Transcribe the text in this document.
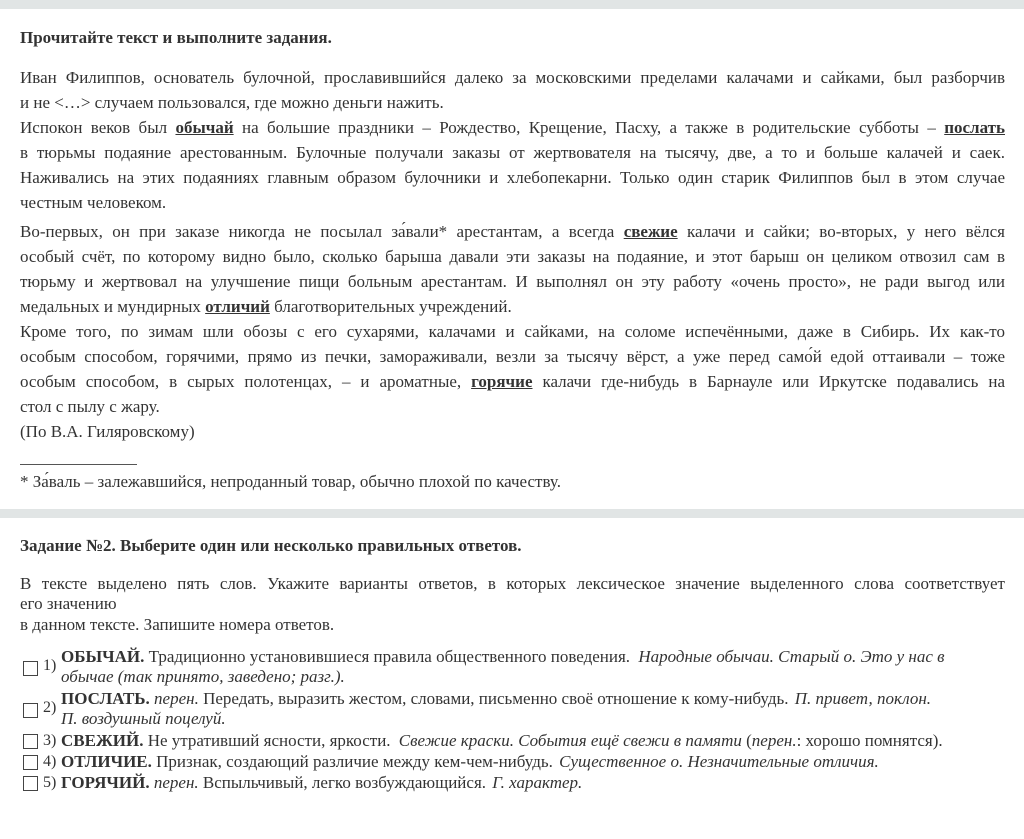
Прочитайте текст и выполните задания.
Иван Филиппов, основатель булочной, прославившийся далеко за московскими пределами калачами и сайками, был разборчив
и не <…> случаем пользовался, где можно деньги нажить.
Испокон веков был обычай на большие праздники – Рождество, Крещение, Пасху, а также в родительские субботы – послать
в тюрьмы подаяние арестованным. Булочные получали заказы от жертвователя на тысячу, две, а то и больше калачей и саек.
Наживались на этих подаяниях главным образом булочники и хлебопекарни. Только один старик Филиппов был в этом случае
честным человеком.
Во-первых, он при заказе никогда не посылал за́вали* арестантам, а всегда свежие калачи и сайки; во-вторых, у него вёлся
особый счёт, по которому видно было, сколько барыша давали эти заказы на подаяние, и этот барыш он целиком отвозил сам в
тюрьму и жертвовал на улучшение пищи больным арестантам. И выполнял он эту работу «очень просто», не ради выгод или
медальных и мундирных отличий благотворительных учреждений.
Кроме того, по зимам шли обозы с его сухарями, калачами и сайками, на соломе испечёнными, даже в Сибирь. Их как-то
особым способом, горячими, прямо из печки, замораживали, везли за тысячу вёрст, а уже перед само́й едой оттаивали – тоже
особым способом, в сырых полотенцах, – и ароматные, горячие калачи где-нибудь в Барнауле или Иркутске подавались на
стол с пылу с жару.
(По В.А. Гиляровскому)
* За́валь – залежавшийся, непроданный товар, обычно плохой по качеству.
Задание №2. Выберите один или несколько правильных ответов.
В тексте выделено пять слов. Укажите варианты ответов, в которых лексическое значение выделенного слова соответствует
его значению
в данном тексте. Запишите номера ответов.
1) ОБЫЧАЙ. Традиционно установившиеся правила общественного поведения. Народные обычаи. Старый о. Это у нас в
обычае (так принято, заведено; разг.).
2) ПОСЛАТЬ. перен. Передать, выразить жестом, словами, письменно своё отношение к кому-нибудь. П. привет, поклон.
П. воздушный поцелуй.
3) СВЕЖИЙ. Не утративший ясности, яркости. Свежие краски. События ещё свежи в памяти (перен.: хорошо помнятся).
4) ОТЛИЧИЕ. Признак, создающий различие между кем-чем-нибудь. Существенное о. Незначительные отличия.
5) ГОРЯЧИЙ. перен. Вспыльчивый, легко возбуждающийся. Г. характер.
